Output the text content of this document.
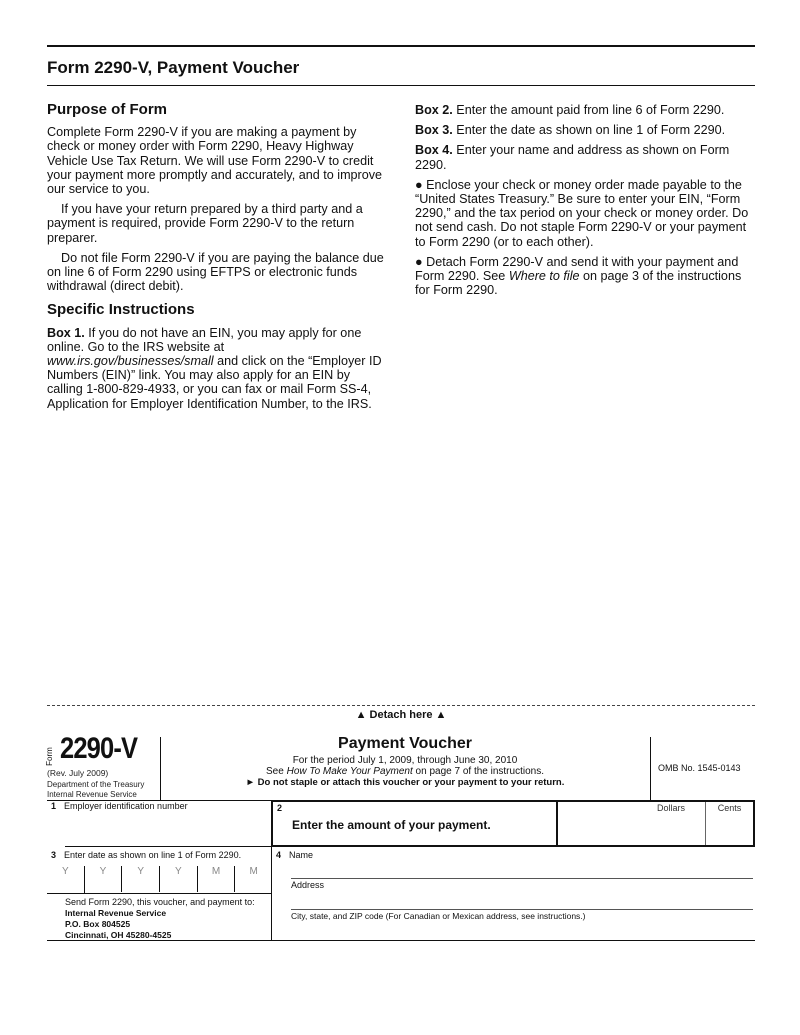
Form 2290-V, Payment Voucher
Purpose of Form

Complete Form 2290-V if you are making a payment by check or money order with Form 2290, Heavy Highway Vehicle Use Tax Return. We will use Form 2290-V to credit your payment more promptly and accurately, and to improve our service to you.

If you have your return prepared by a third party and a payment is required, provide Form 2290-V to the return preparer.

Do not file Form 2290-V if you are paying the balance due on line 6 of Form 2290 using EFTPS or electronic funds withdrawal (direct debit).

Specific Instructions

Box 1. If you do not have an EIN, you may apply for one online. Go to the IRS website at www.irs.gov/businesses/small and click on the “Employer ID Numbers (EIN)” link. You may also apply for an EIN by calling 1-800-829-4933, or you can fax or mail Form SS-4, Application for Employer Identification Number, to the IRS.

Box 2. Enter the amount paid from line 6 of Form 2290.

Box 3. Enter the date as shown on line 1 of Form 2290.

Box 4. Enter your name and address as shown on Form 2290.

● Enclose your check or money order made payable to the “United States Treasury.” Be sure to enter your EIN, “Form 2290,” and the tax period on your check or money order. Do not send cash. Do not staple Form 2290-V or your payment to Form 2290 (or to each other).

● Detach Form 2290-V and send it with your payment and Form 2290. See Where to file on page 3 of the instructions for Form 2290.

▲ Detach here ▲
Form 2290-V
(Rev. July 2009)
Department of the Treasury
Internal Revenue Service
Payment Voucher
For the period July 1, 2009, through June 30, 2010
See How To Make Your Payment on page 7 of the instructions.
► Do not staple or attach this voucher or your payment to your return.
OMB No. 1545-0143
1 Employer identification number	2
Enter the amount of your payment.
Dollars	Cents
3 Enter date as shown on line 1 of Form 2290.
Y	Y	Y	Y	M	M
Send Form 2290, this voucher, and payment to:
Internal Revenue Service
P.O. Box 804525
Cincinnati, OH 45280-4525
4 Name
Address
City, state, and ZIP code (For Canadian or Mexican address, see instructions.)
